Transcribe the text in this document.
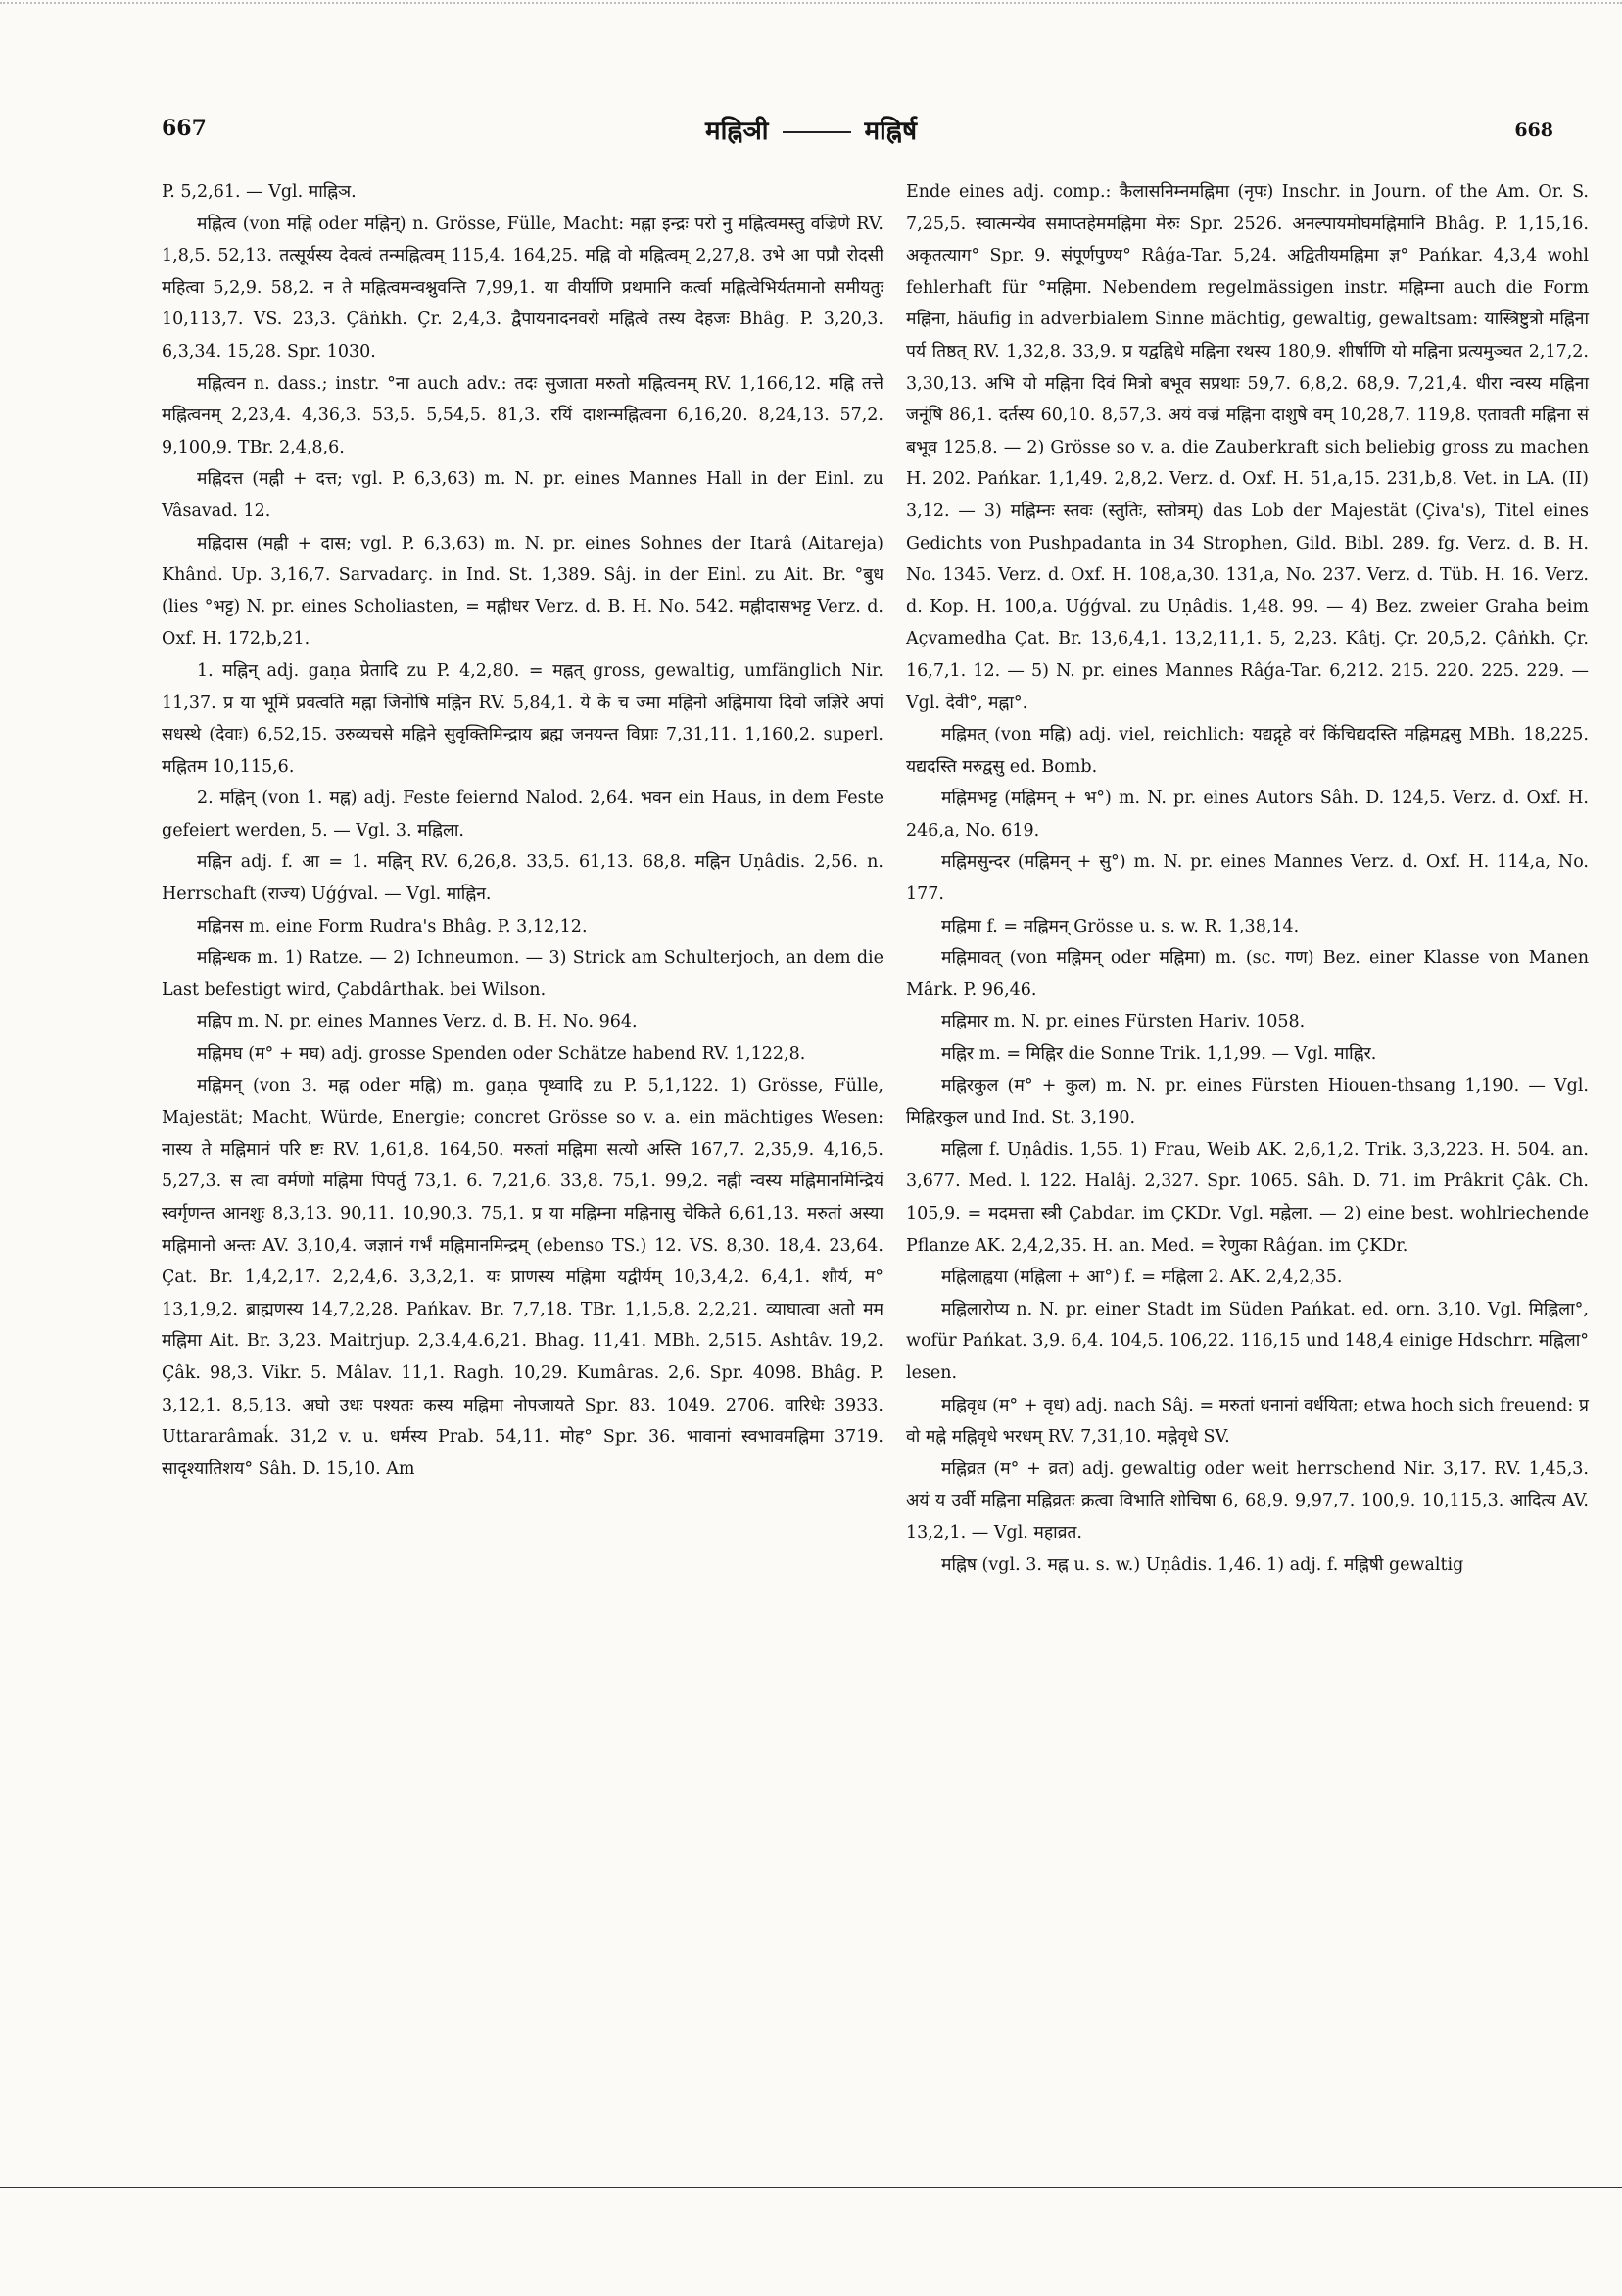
667	मह्निञी	मह्निर्ष	668

P. 5,2,61. — Vgl. माह्निञ.

मह्नित्व (von मह्नि oder मह्निन्) n. Grösse, Fülle, Macht: मह्ना इन्द्रः परो नु मह्नित्वमस्तु वज्रिणे RV. 1,8,5. 52,13. तत्सूर्यस्य देवत्वं तन्मह्नित्वम् 115,4. 164,25. मह्नि वो मह्नित्वम् 2,27,8. उभे आ पप्रौ रोदसी महित्वा 5,2,9. 58,2. न ते मह्नित्वमन्वश्नुवन्ति 7,99,1. या वीर्याणि प्रथमानि कर्त्वा मह्नित्वेभिर्यतमानो समीयतुः 10,113,7. VS. 23,3. Çâṅkh. Çr. 2,4,3. द्वैपायनादनवरो मह्नित्वे तस्य देहजः Bhâg. P. 3,20,3. 6,3,34. 15,28. Spr. 1030.

मह्नित्वन n. dass.; instr. °ना auch adv.: तदः सुजाता मरुतो मह्नित्वनम् RV. 1,166,12. मह्नि तत्ते मह्नित्वनम् 2,23,4. 4,36,3. 53,5. 5,54,5. 81,3. रयिं दाशन्मह्नित्वना 6,16,20. 8,24,13. 57,2. 9,100,9. TBr. 2,4,8,6.

मह्निदत्त (मह्नी + दत्त; vgl. P. 6,3,63) m. N. pr. eines Mannes Hall in der Einl. zu Vâsavad. 12.

मह्निदास (मह्नी + दास; vgl. P. 6,3,63) m. N. pr. eines Sohnes der Itarâ (Aitareja) Khând. Up. 3,16,7. Sarvadarç. in Ind. St. 1,389. Sâj. in der Einl. zu Ait. Br. °बुध (lies °भट्ट) N. pr. eines Scholiasten, = मह्नीधर Verz. d. B. H. No. 542. मह्नीदासभट्ट Verz. d. Oxf. H. 172,b,21.

1. मह्निन् adj. gaṇa प्रेतादि zu P. 4,2,80. = मह्नत् gross, gewaltig, umfänglich Nir. 11,37. प्र या भूमिं प्रवत्वति मह्ना जिनोषि मह्निन RV. 5,84,1. ये के च ज्मा मह्निनो अह्निमाया दिवो जज्ञिरे अपां सधस्थे (देवाः) 6,52,15. उरुव्यचसे मह्निने सुवृक्तिमिन्द्राय ब्रह्म जनयन्त विप्राः 7,31,11. 1,160,2. superl. मह्नितम 10,115,6.

2. मह्निन् (von 1. मह्न) adj. Feste feiernd Nalod. 2,64. भवन ein Haus, in dem Feste gefeiert werden, 5. — Vgl. 3. मह्निला.

मह्निन adj. f. आ = 1. मह्निन् RV. 6,26,8. 33,5. 61,13. 68,8. मह्निन Uṇâdis. 2,56. n. Herrschaft (राज्य) Uǵǵval. — Vgl. माह्निन.

मह्निनस m. eine Form Rudra's Bhâg. P. 3,12,12.

मह्निन्धक m. 1) Ratze. — 2) Ichneumon. — 3) Strick am Schulterjoch, an dem die Last befestigt wird, Çabdârthak. bei Wilson.

मह्निप m. N. pr. eines Mannes Verz. d. B. H. No. 964.

मह्निमघ (म° + मघ) adj. grosse Spenden oder Schätze habend RV. 1,122,8.

मह्निमन् (von 3. मह्न oder मह्नि) m. gaṇa पृथ्वादि zu P. 5,1,122. 1) Grösse, Fülle, Majestät; Macht, Würde, Energie; concret Grösse so v. a. ein mächtiges Wesen: नास्य ते मह्निमानं परि ष्टः RV. 1,61,8. 164,50. मरुतां मह्निमा सत्यो अस्ति 167,7. 2,35,9. 4,16,5. 5,27,3. स त्वा वर्मणो मह्निमा पिपर्तु 73,1. 6. 7,21,6. 33,8. 75,1. 99,2. नह्नी न्वस्य मह्निमानमिन्द्रियं स्वर्गृणन्त आनशुः 8,3,13. 90,11. 10,90,3. 75,1. प्र या मह्निम्ना मह्निनासु चेकिते 6,61,13. मरुतां अस्या मह्निमानो अन्तः AV. 3,10,4. जज्ञानं गर्भं मह्निमानमिन्द्रम् (ebenso TS.) 12. VS. 8,30. 18,4. 23,64. Çat. Br. 1,4,2,17. 2,2,4,6. 3,3,2,1. यः प्राणस्य मह्निमा यद्वीर्यम् 10,3,4,2. 6,4,1. शौर्य, म° 13,1,9,2. ब्राह्मणस्य 14,7,2,28. Pańkav. Br. 7,7,18. TBr. 1,1,5,8. 2,2,21. व्याघात्वा अतो मम मह्निमा Ait. Br. 3,23. Maitrjup. 2,3.4,4.6,21. Bhag. 11,41. MBh. 2,515. Ashtâv. 19,2. Çâk. 98,3. Vikr. 5. Mâlav. 11,1. Ragh. 10,29. Kumâras. 2,6. Spr. 4098. Bhâg. P. 3,12,1. 8,5,13. अघो उधः पश्यतः कस्य मह्निमा नोपजायते Spr. 83. 1049. 2706. वारिधेः 3933. Uttararâmaḱ. 31,2 v. u. धर्मस्य Prab. 54,11. मोह° Spr. 36. भावानां स्वभावमह्निमा 3719. सादृश्यातिशय° Sâh. D. 15,10. Am

Ende eines adj. comp.: कैलासनिम्नमह्निमा (नृपः) Inschr. in Journ. of the Am. Or. S. 7,25,5. स्वात्मन्येव समाप्तहेममह्निमा मेरुः Spr. 2526. अनल्पायमोघमह्निमानि Bhâg. P. 1,15,16. अकृतत्याग° Spr. 9. संपूर्णपुण्य° Râǵa-Tar. 5,24. अद्वितीयमह्निमा ज्ञ° Pańkar. 4,3,4 wohl fehlerhaft für °मह्निमा. Nebendem regelmässigen instr. मह्निम्ना auch die Form मह्निना, häufig in adverbialem Sinne mächtig, gewaltig, gewaltsam: यास्त्रिष्टुत्रो मह्निना पर्य तिष्ठत् RV. 1,32,8. 33,9. प्र यद्वह्निधे मह्निना रथस्य 180,9. शीर्षाणि यो मह्निना प्रत्यमुञ्चत 2,17,2. 3,30,13. अभि यो मह्निना दिवं मित्रो बभूव सप्रथाः 59,7. 6,8,2. 68,9. 7,21,4. धीरा न्वस्य मह्निना जनूंषि 86,1. दर्तस्य 60,10. 8,57,3. अयं वज्रं मह्निना दाशुषे वम् 10,28,7. 119,8. एतावती मह्निना सं बभूव 125,8. — 2) Grösse so v. a. die Zauberkraft sich beliebig gross zu machen H. 202. Pańkar. 1,1,49. 2,8,2. Verz. d. Oxf. H. 51,a,15. 231,b,8. Vet. in LA. (II) 3,12. — 3) मह्निम्नः स्तवः (स्तुतिः, स्तोत्रम्) das Lob der Majestät (Çiva's), Titel eines Gedichts von Pushpadanta in 34 Strophen, Gild. Bibl. 289. fg. Verz. d. B. H. No. 1345. Verz. d. Oxf. H. 108,a,30. 131,a, No. 237. Verz. d. Tüb. H. 16. Verz. d. Kop. H. 100,a. Uǵǵval. zu Uṇâdis. 1,48. 99. — 4) Bez. zweier Graha beim Açvamedha Çat. Br. 13,6,4,1. 13,2,11,1. 5, 2,23. Kâtj. Çr. 20,5,2. Çâṅkh. Çr. 16,7,1. 12. — 5) N. pr. eines Mannes Râǵa-Tar. 6,212. 215. 220. 225. 229. — Vgl. देवी°, मह्ना°.

मह्निमत् (von मह्नि) adj. viel, reichlich: यद्यद्गृहे वरं किंचिद्यदस्ति मह्निमद्वसु MBh. 18,225. यद्यदस्ति मरुद्वसु ed. Bomb.

मह्निमभट्ट (मह्निमन् + भ°) m. N. pr. eines Autors Sâh. D. 124,5. Verz. d. Oxf. H. 246,a, No. 619.

मह्निमसुन्दर (मह्निमन् + सु°) m. N. pr. eines Mannes Verz. d. Oxf. H. 114,a, No. 177.

मह्निमा f. = मह्निमन् Grösse u. s. w. R. 1,38,14.

मह्निमावत् (von मह्निमन् oder मह्निमा) m. (sc. गण) Bez. einer Klasse von Manen Mârk. P. 96,46.

मह्निमार m. N. pr. eines Fürsten Hariv. 1058.

मह्निर m. = मिह्निर die Sonne Trik. 1,1,99. — Vgl. माह्निर.

मह्निरकुल (म° + कुल) m. N. pr. eines Fürsten Hiouen-thsang 1,190. — Vgl. मिह्निरकुल und Ind. St. 3,190.

मह्निला f. Uṇâdis. 1,55. 1) Frau, Weib AK. 2,6,1,2. Trik. 3,3,223. H. 504. an. 3,677. Med. l. 122. Halâj. 2,327. Spr. 1065. Sâh. D. 71. im Prâkrit Çâk. Ch. 105,9. = मदमत्ता स्त्री Çabdar. im ÇKDr. Vgl. मह्नेला. — 2) eine best. wohlriechende Pflanze AK. 2,4,2,35. H. an. Med. = रेणुका Râǵan. im ÇKDr.

मह्निलाह्वया (मह्निला + आ°) f. = मह्निला 2. AK. 2,4,2,35.

मह्निलारोप्य n. N. pr. einer Stadt im Süden Pańkat. ed. orn. 3,10. Vgl. मिह्निला°, wofür Pańkat. 3,9. 6,4. 104,5. 106,22. 116,15 und 148,4 einige Hdschrr. मह्निला° lesen.

मह्निवृध (म° + वृध) adj. nach Sâj. = मरुतां धनानां वर्धयिता; etwa hoch sich freuend: प्र वो मह्ने मह्निवृधे भरधम् RV. 7,31,10. मह्नेवृधे SV.

मह्निव्रत (म° + व्रत) adj. gewaltig oder weit herrschend Nir. 3,17. RV. 1,45,3. अयं य उर्वी मह्निना मह्निव्रतः क्रत्वा विभाति शोचिषा 6, 68,9. 9,97,7. 100,9. 10,115,3. आदित्य AV. 13,2,1. — Vgl. महाव्रत.

मह्निष (vgl. 3. मह्न u. s. w.) Uṇâdis. 1,46. 1) adj. f. मह्निषी gewaltig
